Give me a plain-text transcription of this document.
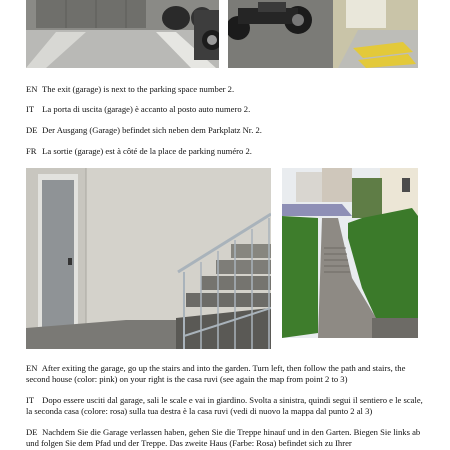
EN The exit (garage) is next to the parking space number 2.
IT La porta di uscita (garage) è accanto al posto auto numero 2.
DE Der Ausgang (Garage) befindet sich neben dem Parkplatz Nr. 2.
FR La sortie (garage) est à côté de la place de parking numéro 2.
EN After exiting the garage, go up the stairs and into the garden. Turn left, then follow the path and stairs, the second house (color: pink) on your right is the casa ruvi (see again the map from point 2 to 3)
IT Dopo essere usciti dal garage, sali le scale e vai in giardino. Svolta a sinistra, quindi segui il sentiero e le scale, la seconda casa (colore: rosa) sulla tua destra è la casa ruvi (vedi di nuovo la mappa dal punto 2 al 3)
DE Nachdem Sie die Garage verlassen haben, gehen Sie die Treppe hinauf und in den Garten. Biegen Sie links ab und folgen Sie dem Pfad und der Treppe. Das zweite Haus (Farbe: Rosa) befindet sich zu Ihrer
